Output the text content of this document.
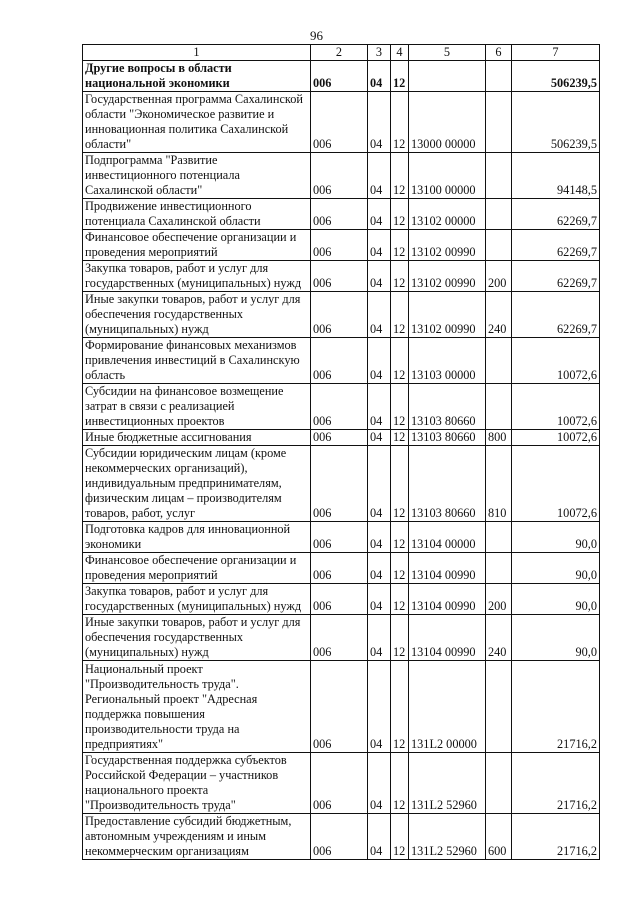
96
1	2	3	4	5	6	7
Другие вопросы в области национальной экономики	006	04	12			506239,5
Государственная программа Сахалинской области "Экономическое развитие и инновационная политика Сахалинской области"	006	04	12	13000 00000		506239,5
Подпрограмма "Развитие инвестиционного потенциала Сахалинской области"	006	04	12	13100 00000		94148,5
Продвижение инвестиционного потенциала Сахалинской области	006	04	12	13102 00000		62269,7
Финансовое обеспечение организации и проведения мероприятий	006	04	12	13102 00990		62269,7
Закупка товаров, работ и услуг для государственных (муниципальных) нужд	006	04	12	13102 00990	200	62269,7
Иные закупки товаров, работ и услуг для обеспечения государственных (муниципальных) нужд	006	04	12	13102 00990	240	62269,7
Формирование финансовых механизмов привлечения инвестиций в Сахалинскую область	006	04	12	13103 00000		10072,6
Субсидии на финансовое возмещение затрат в связи с реализацией инвестиционных проектов	006	04	12	13103 80660		10072,6
Иные бюджетные ассигнования	006	04	12	13103 80660	800	10072,6
Субсидии юридическим лицам (кроме некоммерческих организаций), индивидуальным предпринимателям, физическим лицам – производителям товаров, работ, услуг	006	04	12	13103 80660	810	10072,6
Подготовка кадров для инновационной экономики	006	04	12	13104 00000		90,0
Финансовое обеспечение организации и проведения мероприятий	006	04	12	13104 00990		90,0
Закупка товаров, работ и услуг для государственных (муниципальных) нужд	006	04	12	13104 00990	200	90,0
Иные закупки товаров, работ и услуг для обеспечения государственных (муниципальных) нужд	006	04	12	13104 00990	240	90,0
Национальный проект "Производительность труда". Региональный проект "Адресная поддержка повышения производительности труда на предприятиях"	006	04	12	131L2 00000		21716,2
Государственная поддержка субъектов Российской Федерации – участников национального проекта "Производительность труда"	006	04	12	131L2 52960		21716,2
Предоставление субсидий бюджетным, автономным учреждениям и иным некоммерческим организациям	006	04	12	131L2 52960	600	21716,2
